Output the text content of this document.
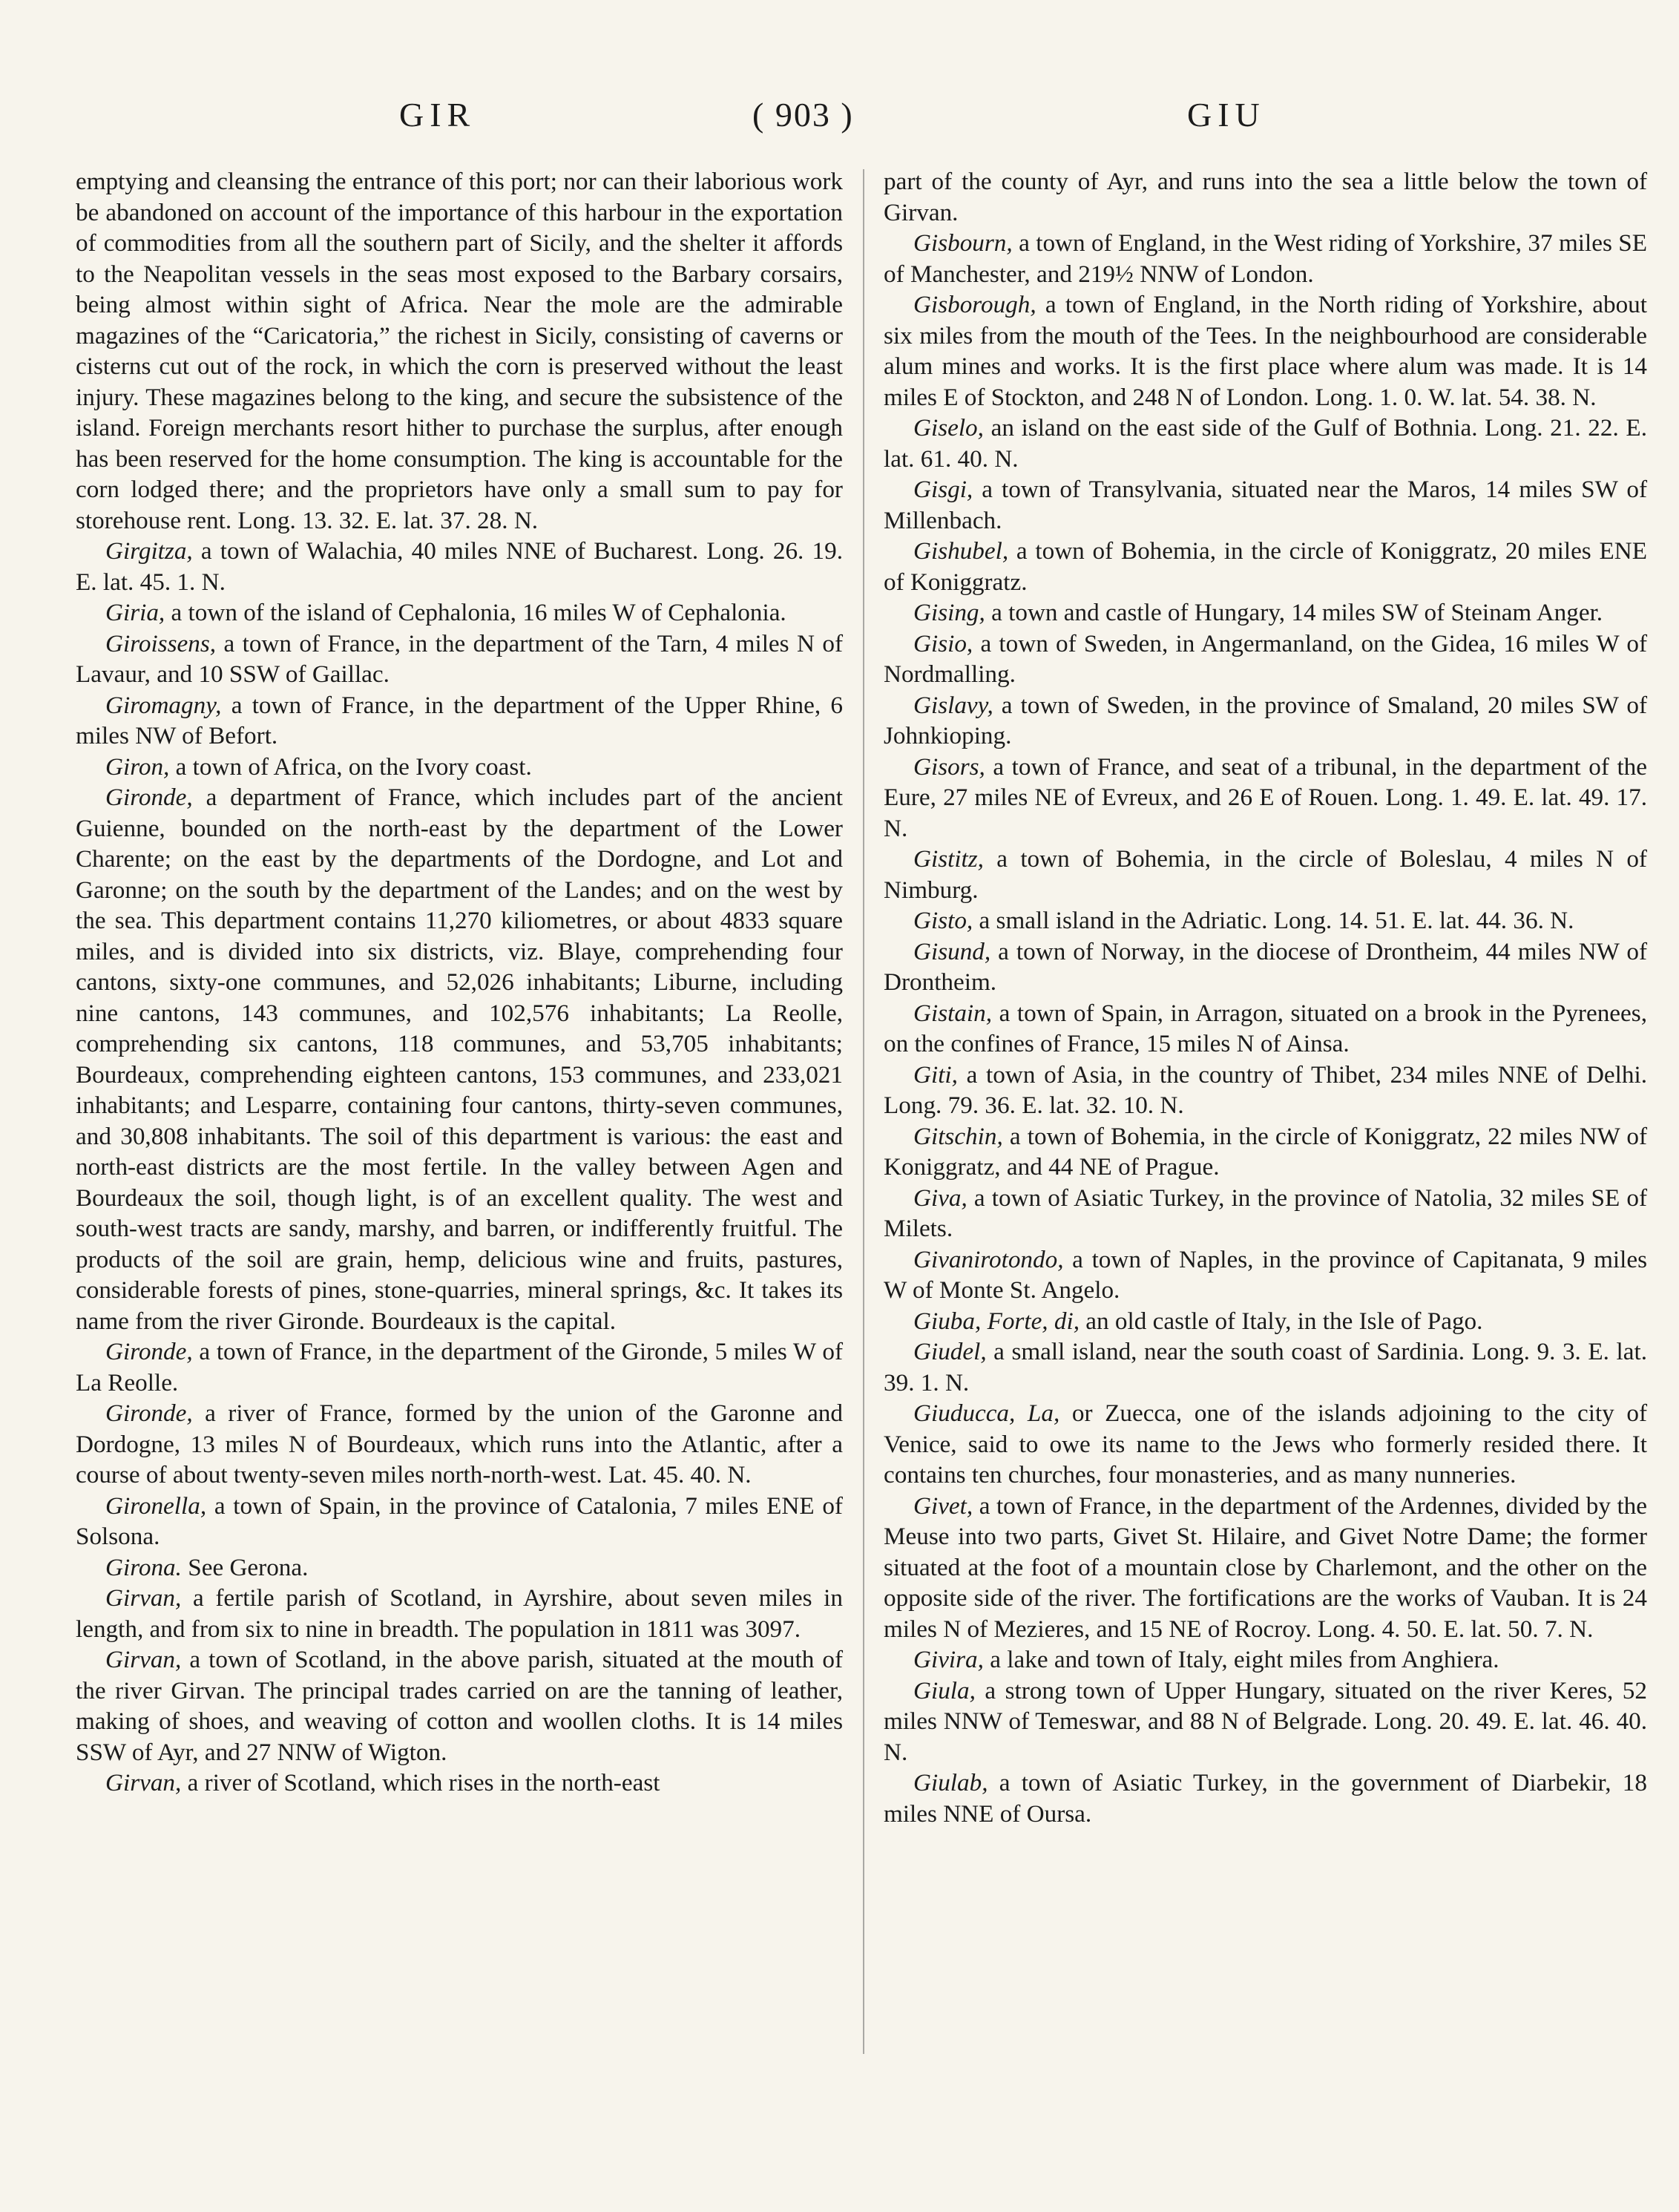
GIR	( 903 )	GIU

emptying and cleansing the entrance of this port; nor can their laborious work be abandoned on account of the importance of this harbour in the exportation of commodities from all the southern part of Sicily, and the shelter it affords to the Neapolitan vessels in the seas most exposed to the Barbary corsairs, being almost within sight of Africa. Near the mole are the admirable magazines of the “Caricatoria,” the richest in Sicily, consisting of caverns or cisterns cut out of the rock, in which the corn is preserved without the least injury. These magazines belong to the king, and secure the subsistence of the island. Foreign merchants resort hither to purchase the surplus, after enough has been reserved for the home consumption. The king is accountable for the corn lodged there; and the proprietors have only a small sum to pay for storehouse rent. Long. 13. 32. E. lat. 37. 28. N.

Girgitza, a town of Walachia, 40 miles NNE of Bucharest. Long. 26. 19. E. lat. 45. 1. N.

Giria, a town of the island of Cephalonia, 16 miles W of Cephalonia.

Giroissens, a town of France, in the department of the Tarn, 4 miles N of Lavaur, and 10 SSW of Gaillac.

Giromagny, a town of France, in the department of the Upper Rhine, 6 miles NW of Befort.

Giron, a town of Africa, on the Ivory coast.

Gironde, a department of France, which includes part of the ancient Guienne, bounded on the north-east by the department of the Lower Charente; on the east by the departments of the Dordogne, and Lot and Garonne; on the south by the department of the Landes; and on the west by the sea. This department contains 11,270 kiliometres, or about 4833 square miles, and is divided into six districts, viz. Blaye, comprehending four cantons, sixty-one communes, and 52,026 inhabitants; Liburne, including nine cantons, 143 communes, and 102,576 inhabitants; La Reolle, comprehending six cantons, 118 communes, and 53,705 inhabitants; Bourdeaux, comprehending eighteen cantons, 153 communes, and 233,021 inhabitants; and Lesparre, containing four cantons, thirty-seven communes, and 30,808 inhabitants. The soil of this department is various: the east and north-east districts are the most fertile. In the valley between Agen and Bourdeaux the soil, though light, is of an excellent quality. The west and south-west tracts are sandy, marshy, and barren, or indifferently fruitful. The products of the soil are grain, hemp, delicious wine and fruits, pastures, considerable forests of pines, stone-quarries, mineral springs, &c. It takes its name from the river Gironde. Bourdeaux is the capital.

Gironde, a town of France, in the department of the Gironde, 5 miles W of La Reolle.

Gironde, a river of France, formed by the union of the Garonne and Dordogne, 13 miles N of Bourdeaux, which runs into the Atlantic, after a course of about twenty-seven miles north-north-west. Lat. 45. 40. N.

Gironella, a town of Spain, in the province of Catalonia, 7 miles ENE of Solsona.

Girona. See Gerona.

Girvan, a fertile parish of Scotland, in Ayrshire, about seven miles in length, and from six to nine in breadth. The population in 1811 was 3097.

Girvan, a town of Scotland, in the above parish, situated at the mouth of the river Girvan. The principal trades carried on are the tanning of leather, making of shoes, and weaving of cotton and woollen cloths. It is 14 miles SSW of Ayr, and 27 NNW of Wigton.

Girvan, a river of Scotland, which rises in the north-east

part of the county of Ayr, and runs into the sea a little below the town of Girvan.

Gisbourn, a town of England, in the West riding of Yorkshire, 37 miles SE of Manchester, and 219½ NNW of London.

Gisborough, a town of England, in the North riding of Yorkshire, about six miles from the mouth of the Tees. In the neighbourhood are considerable alum mines and works. It is the first place where alum was made. It is 14 miles E of Stockton, and 248 N of London. Long. 1. 0. W. lat. 54. 38. N.

Giselo, an island on the east side of the Gulf of Bothnia. Long. 21. 22. E. lat. 61. 40. N.

Gisgi, a town of Transylvania, situated near the Maros, 14 miles SW of Millenbach.

Gishubel, a town of Bohemia, in the circle of Koniggratz, 20 miles ENE of Koniggratz.

Gising, a town and castle of Hungary, 14 miles SW of Steinam Anger.

Gisio, a town of Sweden, in Angermanland, on the Gidea, 16 miles W of Nordmalling.

Gislavy, a town of Sweden, in the province of Smaland, 20 miles SW of Johnkioping.

Gisors, a town of France, and seat of a tribunal, in the department of the Eure, 27 miles NE of Evreux, and 26 E of Rouen. Long. 1. 49. E. lat. 49. 17. N.

Gistitz, a town of Bohemia, in the circle of Boleslau, 4 miles N of Nimburg.

Gisto, a small island in the Adriatic. Long. 14. 51. E. lat. 44. 36. N.

Gisund, a town of Norway, in the diocese of Drontheim, 44 miles NW of Drontheim.

Gistain, a town of Spain, in Arragon, situated on a brook in the Pyrenees, on the confines of France, 15 miles N of Ainsa.

Giti, a town of Asia, in the country of Thibet, 234 miles NNE of Delhi. Long. 79. 36. E. lat. 32. 10. N.

Gitschin, a town of Bohemia, in the circle of Koniggratz, 22 miles NW of Koniggratz, and 44 NE of Prague.

Giva, a town of Asiatic Turkey, in the province of Natolia, 32 miles SE of Milets.

Givanirotondo, a town of Naples, in the province of Capitanata, 9 miles W of Monte St. Angelo.

Giuba, Forte, di, an old castle of Italy, in the Isle of Pago.

Giudel, a small island, near the south coast of Sardinia. Long. 9. 3. E. lat. 39. 1. N.

Giuducca, La, or Zuecca, one of the islands adjoining to the city of Venice, said to owe its name to the Jews who formerly resided there. It contains ten churches, four monasteries, and as many nunneries.

Givet, a town of France, in the department of the Ardennes, divided by the Meuse into two parts, Givet St. Hilaire, and Givet Notre Dame; the former situated at the foot of a mountain close by Charlemont, and the other on the opposite side of the river. The fortifications are the works of Vauban. It is 24 miles N of Mezieres, and 15 NE of Rocroy. Long. 4. 50. E. lat. 50. 7. N.

Givira, a lake and town of Italy, eight miles from Anghiera.

Giula, a strong town of Upper Hungary, situated on the river Keres, 52 miles NNW of Temeswar, and 88 N of Belgrade. Long. 20. 49. E. lat. 46. 40. N.

Giulab, a town of Asiatic Turkey, in the government of Diarbekir, 18 miles NNE of Oursa.
